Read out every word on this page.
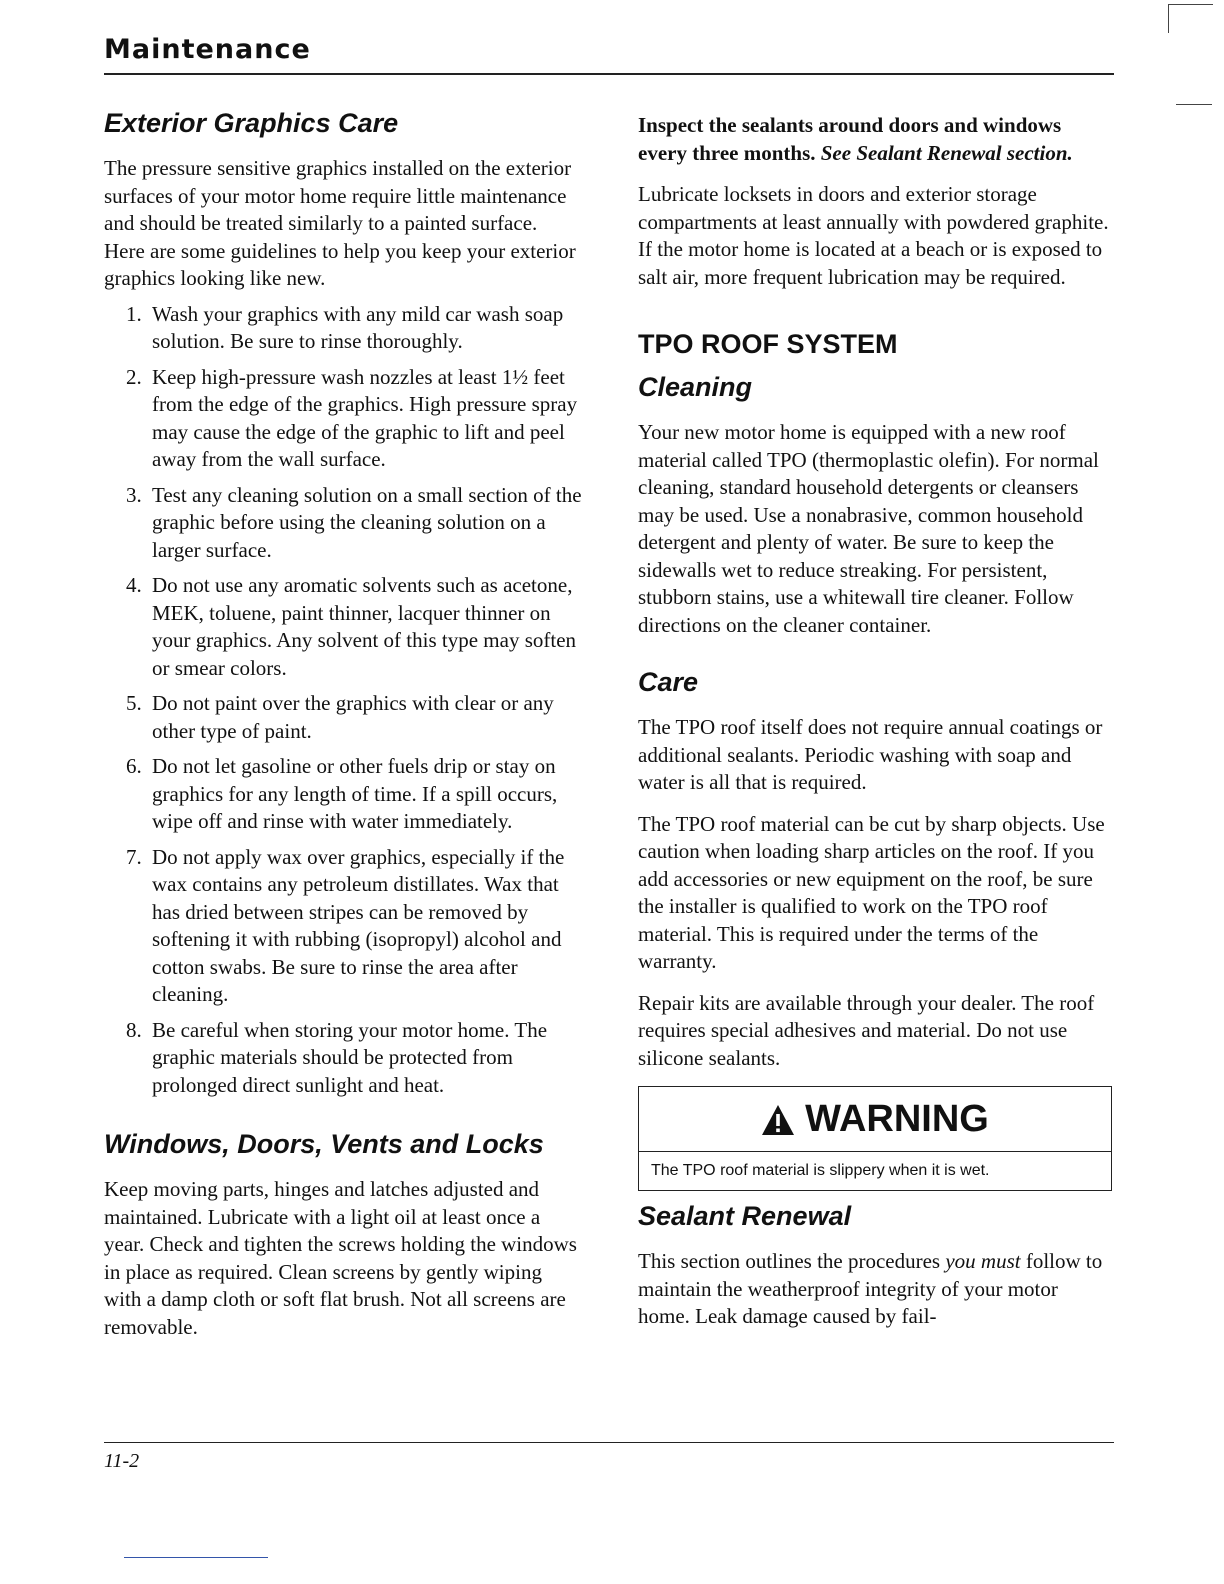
Maintenance
Exterior Graphics Care

The pressure sensitive graphics installed on the exterior surfaces of your motor home require little maintenance and should be treated similarly to a painted surface. Here are some guidelines to help you keep your exterior graphics looking like new.

1. Wash your graphics with any mild car wash soap solution. Be sure to rinse thoroughly.
2. Keep high-pressure wash nozzles at least 1½ feet from the edge of the graphics. High pressure spray may cause the edge of the graphic to lift and peel away from the wall surface.
3. Test any cleaning solution on a small section of the graphic before using the cleaning solution on a larger surface.
4. Do not use any aromatic solvents such as acetone, MEK, toluene, paint thinner, lacquer thinner on your graphics. Any solvent of this type may soften or smear colors.
5. Do not paint over the graphics with clear or any other type of paint.
6. Do not let gasoline or other fuels drip or stay on graphics for any length of time. If a spill occurs, wipe off and rinse with water immediately.
7. Do not apply wax over graphics, especially if the wax contains any petroleum distillates. Wax that has dried between stripes can be removed by softening it with rubbing (isopropyl) alcohol and cotton swabs. Be sure to rinse the area after cleaning.
8. Be careful when storing your motor home. The graphic materials should be protected from prolonged direct sunlight and heat.
Windows, Doors, Vents and Locks

Keep moving parts, hinges and latches adjusted and maintained. Lubricate with a light oil at least once a year. Check and tighten the screws holding the windows in place as required. Clean screens by gently wiping with a damp cloth or soft flat brush. Not all screens are removable.

Inspect the sealants around doors and windows every three months. See Sealant Renewal section.

Lubricate locksets in doors and exterior storage compartments at least annually with powdered graphite. If the motor home is located at a beach or is exposed to salt air, more frequent lubrication may be required.

TPO ROOF SYSTEM
Cleaning

Your new motor home is equipped with a new roof material called TPO (thermoplastic olefin). For normal cleaning, standard household detergents or cleansers may be used. Use a nonabrasive, common household detergent and plenty of water. Be sure to keep the sidewalls wet to reduce streaking. For persistent, stubborn stains, use a whitewall tire cleaner. Follow directions on the cleaner container.

Care

The TPO roof itself does not require annual coatings or additional sealants. Periodic washing with soap and water is all that is required.

The TPO roof material can be cut by sharp objects. Use caution when loading sharp articles on the roof. If you add accessories or new equipment on the roof, be sure the installer is qualified to work on the TPO roof material. This is required under the terms of the warranty.

Repair kits are available through your dealer. The roof requires special adhesives and material. Do not use silicone sealants.

WARNING
The TPO roof material is slippery when it is wet.
Sealant Renewal

This section outlines the procedures you must follow to maintain the weatherproof integrity of your motor home. Leak damage caused by fail-

11-2
